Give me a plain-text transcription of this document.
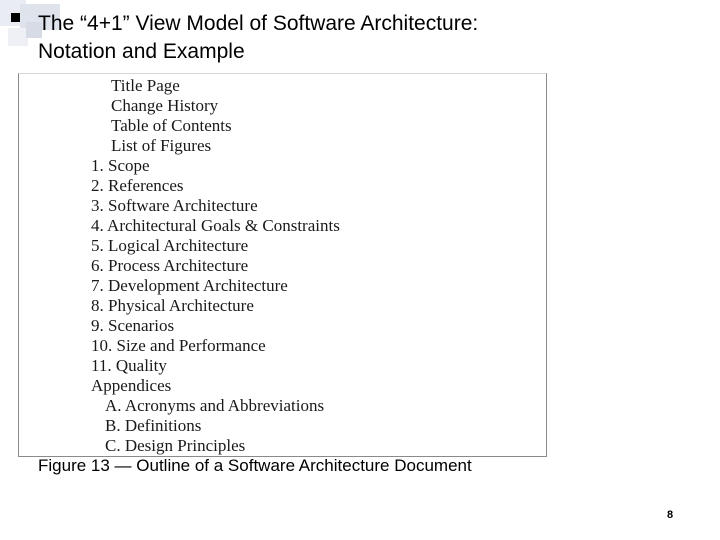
The “4+1” View Model of Software Architecture:
Notation and Example
Title Page
Change History
Table of Contents
List of Figures
1. Scope
2. References
3. Software Architecture
4. Architectural Goals & Constraints
5. Logical Architecture
6. Process Architecture
7. Development Architecture
8. Physical Architecture
9. Scenarios
10. Size and Performance
11. Quality
Appendices
A. Acronyms and Abbreviations
B. Definitions
C. Design Principles
Figure 13 — Outline of a Software Architecture Document
8
